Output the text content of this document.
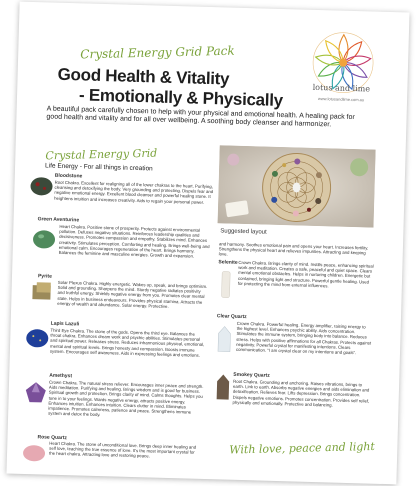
lotus and lime
www.lotusandlime.com.au
Crystal Energy Grid Pack
Good Health & Vitality
- Emotionally & Physically
A beautiful pack carefully chosen to help with your physical and emotional health. A healing pack for good health and vitality and for all over wellbeing. A soothing body cleanser and harmonizer.
Crystal Energy Grid
Life Energy - For all things in creation
Suggested layout
Bloodstone
Root Chakra. Excellent for realigning all of the lower chakras to the heart. Purifying, cleansing and detoxifying the body. Very grounding and protecting. Dispels fear and negative emotional energy. Excellent blood cleanser and powerful healing stone. It heightens intuition and increases creativity. Aids to regain your personal power.
Green Aventurine
Heart Chakra. Positive stone of prosperity. Protects against environmental pollution. Defuses negative situations. Reinforces leadership qualities and decisiveness. Promotes compassion and empathy. Stabilizes mind. Enhances creativity. Stimulates perception. Comforting and healing. Brings well-being and emotional calm. Encourages regeneration of the heart. Brings harmony. Balances the feminine and masculine energies. Growth and expansion.
Pyrite
Solar Plexus Chakra. Highly energetic. Wakes up, speak, and brings optimism. Solid and grounding. Sharpens the mind. Sturdy negative radiates positivity and truthful energy. Shields negative energy from you. Promotes clear mental state. Helps in business endeavours. Provides physical stamina. Attracts the energy of wealth and abundance. Solar energy. Protective.
Lapis Lazuli
Third Eye Chakra. The stone of the gods. Opens the third eye. Balances the throat chakra. Enhances dream work and psychic abilities. Stimulates personal and spiritual power. Releases stress. Reduces inharmonious physical, emotional, mental and spiritual levels. Brings honesty and compassion. Boosts immune system. Encourages self awareness. Aids in expressing feelings and emotions.
Amethyst
Crown Chakra. The natural stress reliever. Encourages inner peace and strength. Aids meditation. Purifying and healing. Brings wisdom and is good for business. Spiritual growth and protection. Brings clarity of mind. Calms thoughts. Helps you tune in to your feelings. Wards negative energy, attracts positive energy. Enhances intuition. Enhances intuition. Clears clutter in mind. Eliminates impatience. Promotes calmness, patience and peace. Strengthens immune system and detox the body.
Rose Quartz
Heart Chakra. The stone of unconditional love. Brings deep inner healing and self love, teaching the true essence of love. It's the most important crystal for the heart chakra. Attracting love and restoring peace.
and harmony. Soothes emotional pain and opens your heart. Increases fertility. Strengthens the physical heart and relieves impurities. Attracting and keeping love.
Selenite Crown Chakra. Brings clarity of mind. Instills peace, enhancing spiritual work and meditation. Creates a safe, peaceful and quiet space. Clears mental emotional obstacles. Helps in nurturing children. Energetic but contained, bringing light and structure. Powerful gentle healing. Used for protecting the mind from external influences.
Clear Quartz
Crown Chakra. Powerful healing. Energy amplifier, raising energy to the highest level. Enhances psychic ability. Aids concentration. Stimulates the immune system, bringing body into balance. Reduces stress. Helps with positive affirmations for all Chakras. Protects against negativity. Powerful crystal for manifesting intentions. Clears communication. "I am crystal clear on my intentions and goals".
Smokey Quartz
Root Chakra. Grounding and anchoring. Raises vibrations, brings to earth. Link to earth. Absorbs negative energies and aids elimination and detoxification. Relieves fear. Lifts depression. Brings concentration. Dispels negative emotions. Promotes concentration. Provides self relief, physically and emotionally. Protective and balancing.
With love, peace and light
